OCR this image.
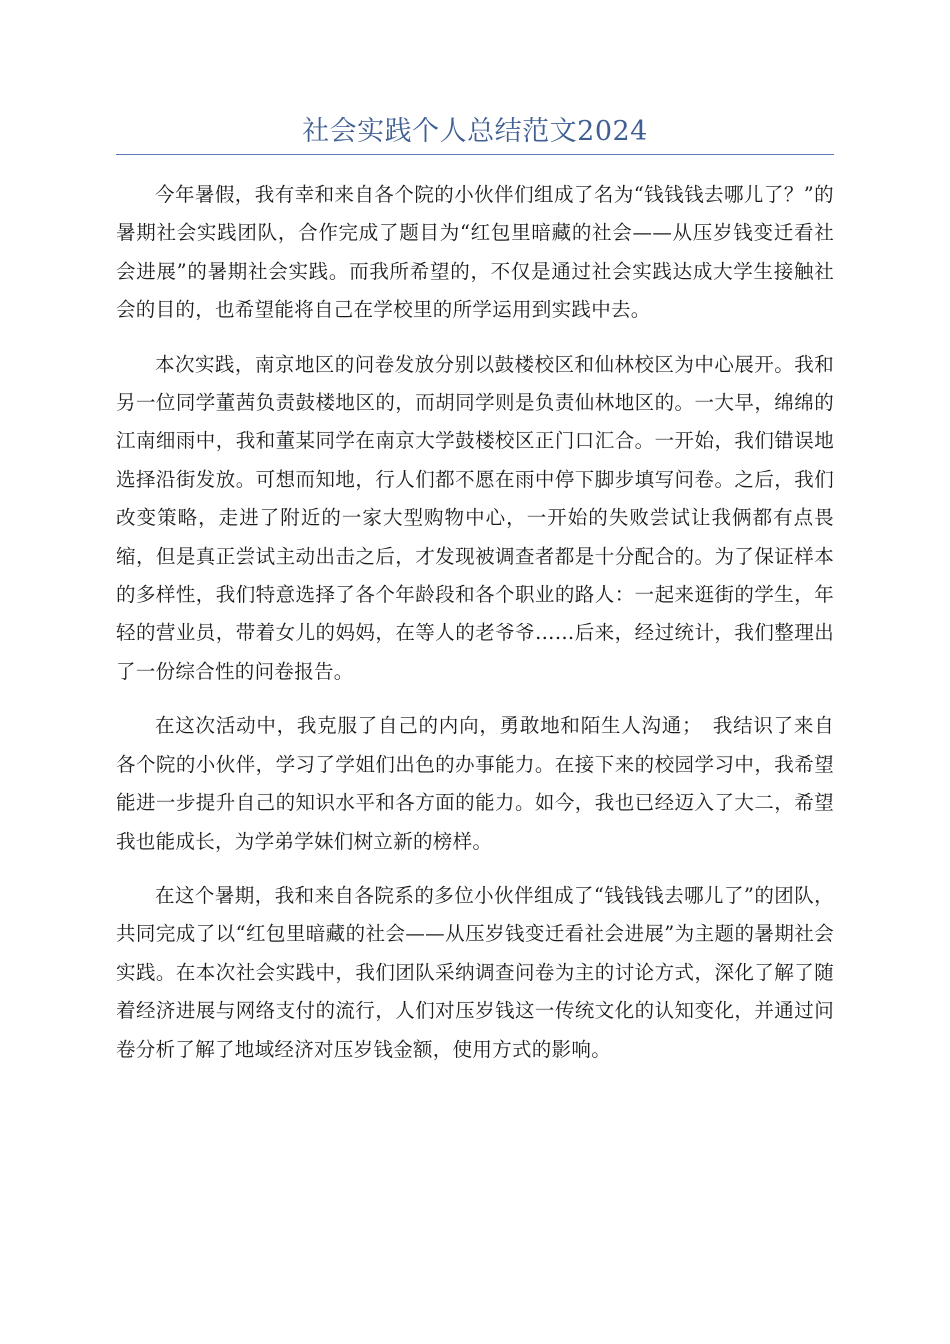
社会实践个人总结范文2024

今年暑假，我有幸和来自各个院的小伙伴们组成了名为“钱钱钱去哪儿了？”的暑期社会实践团队，合作完成了题目为“红包里暗藏的社会——从压岁钱变迁看社会进展”的暑期社会实践。而我所希望的，不仅是通过社会实践达成大学生接触社会的目的，也希望能将自己在学校里的所学运用到实践中去。

本次实践，南京地区的问卷发放分别以鼓楼校区和仙林校区为中心展开。我和另一位同学董茜负责鼓楼地区的，而胡同学则是负责仙林地区的。一大早，绵绵的江南细雨中，我和董某同学在南京大学鼓楼校区正门口汇合。一开始，我们错误地选择沿街发放。可想而知地，行人们都不愿在雨中停下脚步填写问卷。之后，我们改变策略，走进了附近的一家大型购物中心，一开始的失败尝试让我俩都有点畏缩，但是真正尝试主动出击之后，才发现被调查者都是十分配合的。为了保证样本的多样性，我们特意选择了各个年龄段和各个职业的路人：一起来逛街的学生，年轻的营业员，带着女儿的妈妈，在等人的老爷爷……后来，经过统计，我们整理出了一份综合性的问卷报告。

在这次活动中，我克服了自己的内向，勇敢地和陌生人沟通；　我结识了来自各个院的小伙伴，学习了学姐们出色的办事能力。在接下来的校园学习中，我希望能进一步提升自己的知识水平和各方面的能力。如今，我也已经迈入了大二，希望我也能成长，为学弟学妹们树立新的榜样。

在这个暑期，我和来自各院系的多位小伙伴组成了“钱钱钱去哪儿了”的团队，共同完成了以“红包里暗藏的社会——从压岁钱变迁看社会进展”为主题的暑期社会实践。在本次社会实践中，我们团队采纳调查问卷为主的讨论方式，深化了解了随着经济进展与网络支付的流行，人们对压岁钱这一传统文化的认知变化，并通过问卷分析了解了地域经济对压岁钱金额，使用方式的影响。
